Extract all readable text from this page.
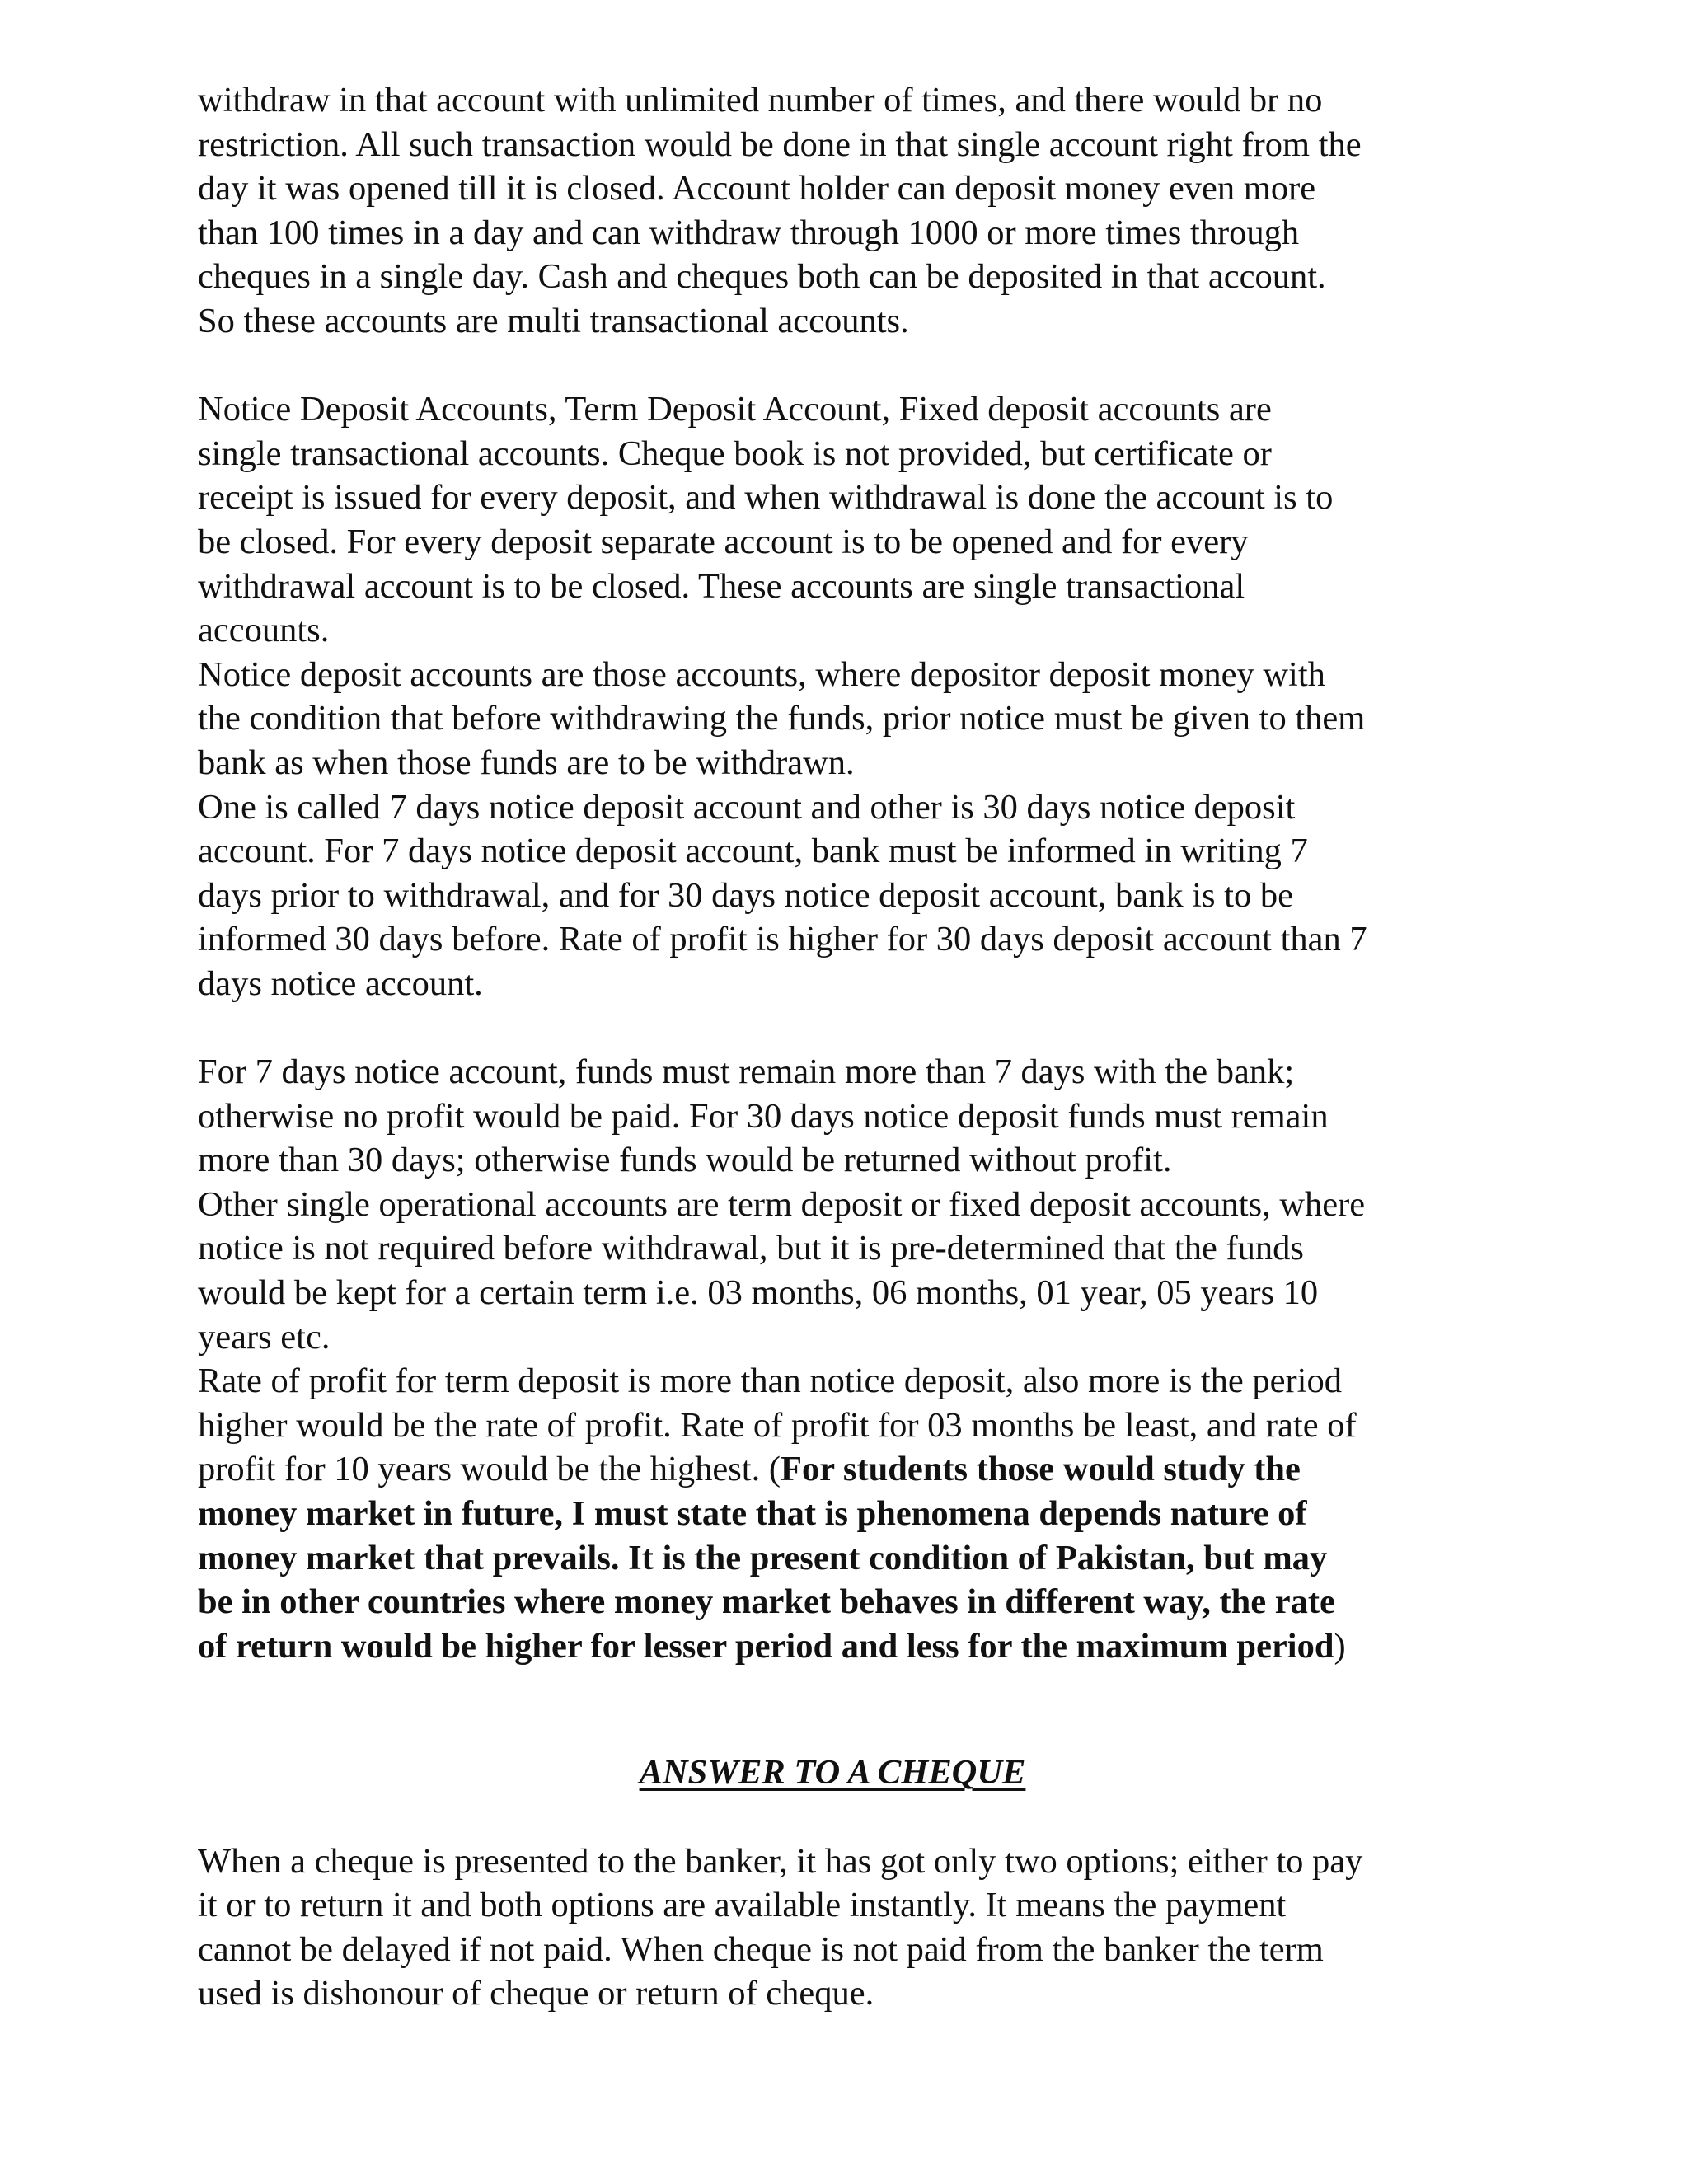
withdraw in that account with unlimited number of times, and there would br no
restriction. All such transaction would be done in that single account right from the
day it was opened till it is closed. Account holder can deposit money even more
than 100 times in a day and can withdraw through 1000 or more times through
cheques in a single day. Cash and cheques both can be deposited in that account.
So these accounts are multi transactional accounts.
Notice Deposit Accounts, Term Deposit Account, Fixed deposit accounts are
single transactional accounts. Cheque book is not provided, but certificate or
receipt is issued for every deposit, and when withdrawal is done the account is to
be closed. For every deposit separate account is to be opened and for every
withdrawal account is to be closed. These accounts are single transactional
accounts.
Notice deposit accounts are those accounts, where depositor deposit money with
the condition that before withdrawing the funds, prior notice must be given to them
bank as when those funds are to be withdrawn.
One is called 7 days notice deposit account and other is 30 days notice deposit
account. For 7 days notice deposit account, bank must be informed in writing 7
days prior to withdrawal, and for 30 days notice deposit account, bank is to be
informed 30 days before. Rate of profit is higher for 30 days deposit account than 7
days notice account.
For 7 days notice account, funds must remain more than 7 days with the bank;
otherwise no profit would be paid. For 30 days notice deposit funds must remain
more than 30 days; otherwise funds would be returned without profit.
Other single operational accounts are term deposit or fixed deposit accounts, where
notice is not required before withdrawal, but it is pre-determined that the funds
would be kept for a certain term i.e. 03 months, 06 months, 01 year, 05 years 10
years etc.
Rate of profit for term deposit is more than notice deposit, also more is the period
higher would be the rate of profit. Rate of profit for 03 months be least, and rate of
profit for 10 years would be the highest. (For students those would study the
money market in future, I must state that is phenomena depends nature of
money market that prevails. It is the present condition of Pakistan, but may
be in other countries where money market behaves in different way, the rate
of return would be higher for lesser period and less for the maximum period)
ANSWER TO A CHEQUE
When a cheque is presented to the banker, it has got only two options; either to pay
it or to return it and both options are available instantly. It means the payment
cannot be delayed if not paid. When cheque is not paid from the banker the term
used is dishonour of cheque or return of cheque.
